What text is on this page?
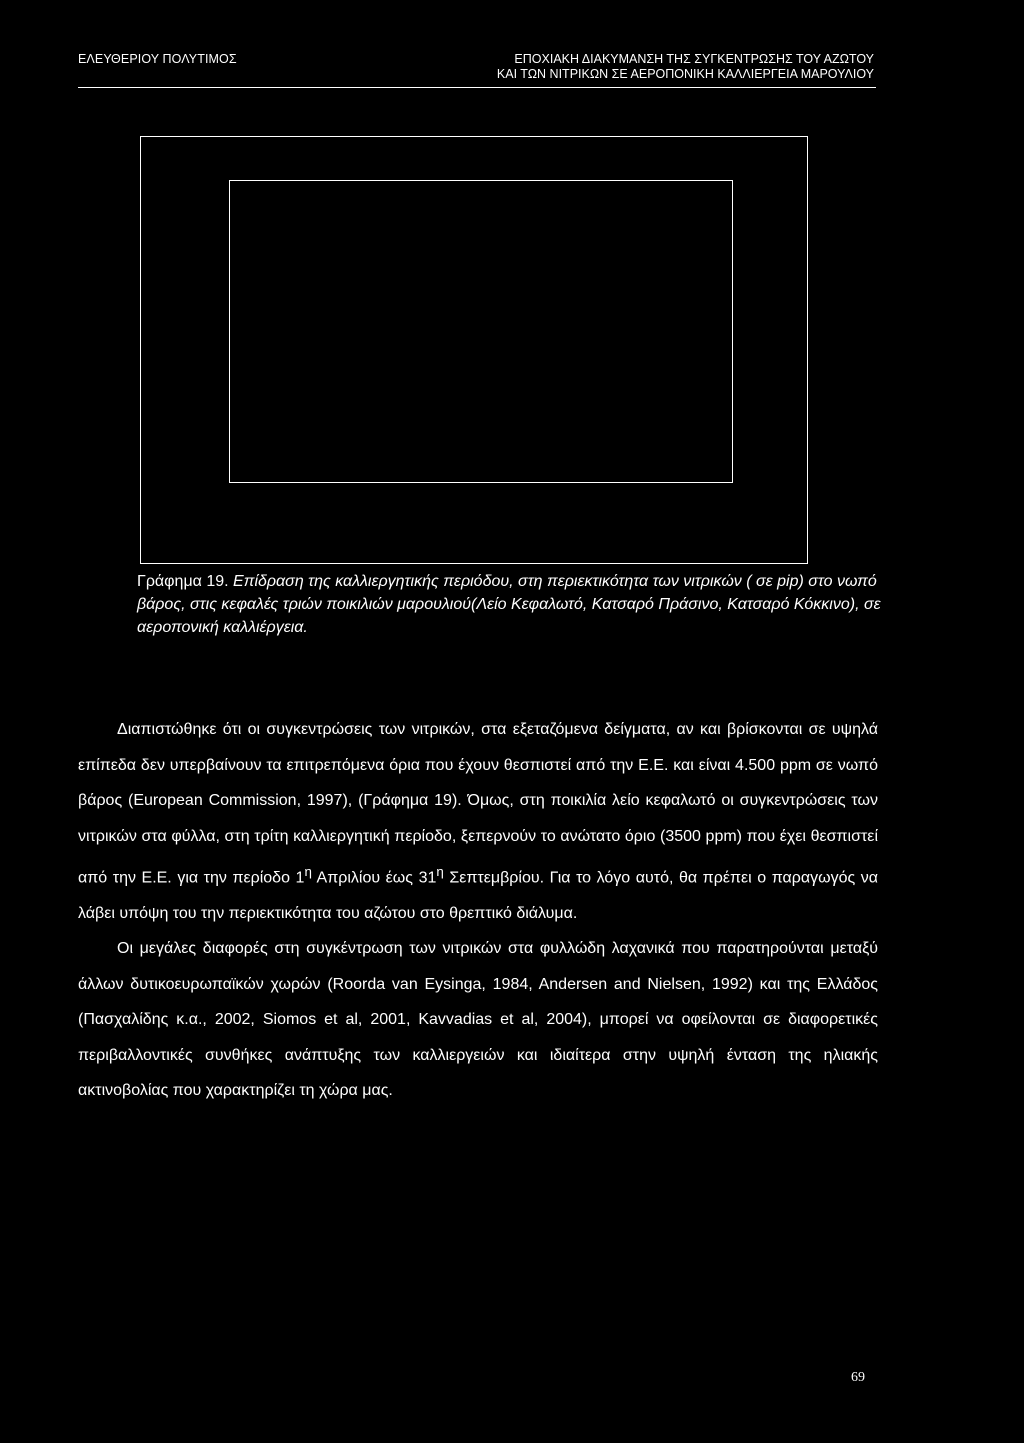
ΕΛΕΥΘΕΡΙΟΥ ΠΟΛΥΤΙΜΟΣ	ΕΠΟΧΙΑΚΗ ΔΙΑΚΥΜΑΝΣΗ ΤΗΣ ΣΥΓΚΕΝΤΡΩΣΗΣ ΤΟΥ ΑΖΩΤΟΥ
ΚΑΙ ΤΩΝ ΝΙΤΡΙΚΩΝ ΣΕ ΑΕΡΟΠΟΝΙΚΗ ΚΑΛΛΙΕΡΓΕΙΑ ΜΑΡΟΥΛΙΟΥ
Γράφημα 19. Επίδραση της καλλιεργητικής περιόδου, στη περιεκτικότητα των νιτρικών ( σε pip) στο νωπό βάρος, στις κεφαλές τριών ποικιλιών μαρουλιού(Λείο Κεφαλωτό, Κατσαρό Πράσινο, Κατσαρό Κόκκινο), σε αεροπονική καλλιέργεια.

Διαπιστώθηκε ότι οι συγκεντρώσεις των νιτρικών, στα εξεταζόμενα δείγματα, αν και βρίσκονται σε υψηλά επίπεδα δεν υπερβαίνουν τα επιτρεπόμενα όρια που έχουν θεσπιστεί από την Ε.Ε. και είναι 4.500 ppm σε νωπό βάρος (European Commission, 1997), (Γράφημα 19). Όμως, στη ποικιλία λείο κεφαλωτό οι συγκεντρώσεις των νιτρικών στα φύλλα, στη τρίτη καλλιεργητική περίοδο, ξεπερνούν το ανώτατο όριο (3500 ppm) που έχει θεσπιστεί από την Ε.Ε. για την περίοδο $1^\eta$ Απριλίου έως $31^\eta$ Σεπτεμβρίου. Για το λόγο αυτό, θα πρέπει ο παραγωγός να λάβει υπόψη του την περιεκτικότητα του αζώτου στο θρεπτικό διάλυμα.

Οι μεγάλες διαφορές στη συγκέντρωση των νιτρικών στα φυλλώδη λαχανικά που παρατηρούνται μεταξύ άλλων δυτικοευρωπαϊκών χωρών (Roorda van Eysinga, 1984, Andersen and Nielsen, 1992) και της Ελλάδος (Πασχαλίδης κ.α., 2002, Siomos et al, 2001, Kavvadias et al, 2004), μπορεί να οφείλονται σε διαφορετικές περιβαλλοντικές συνθήκες ανάπτυξης των καλλιεργειών και ιδιαίτερα στην υψηλή ένταση της ηλιακής ακτινοβολίας που χαρακτηρίζει τη χώρα μας.

69
